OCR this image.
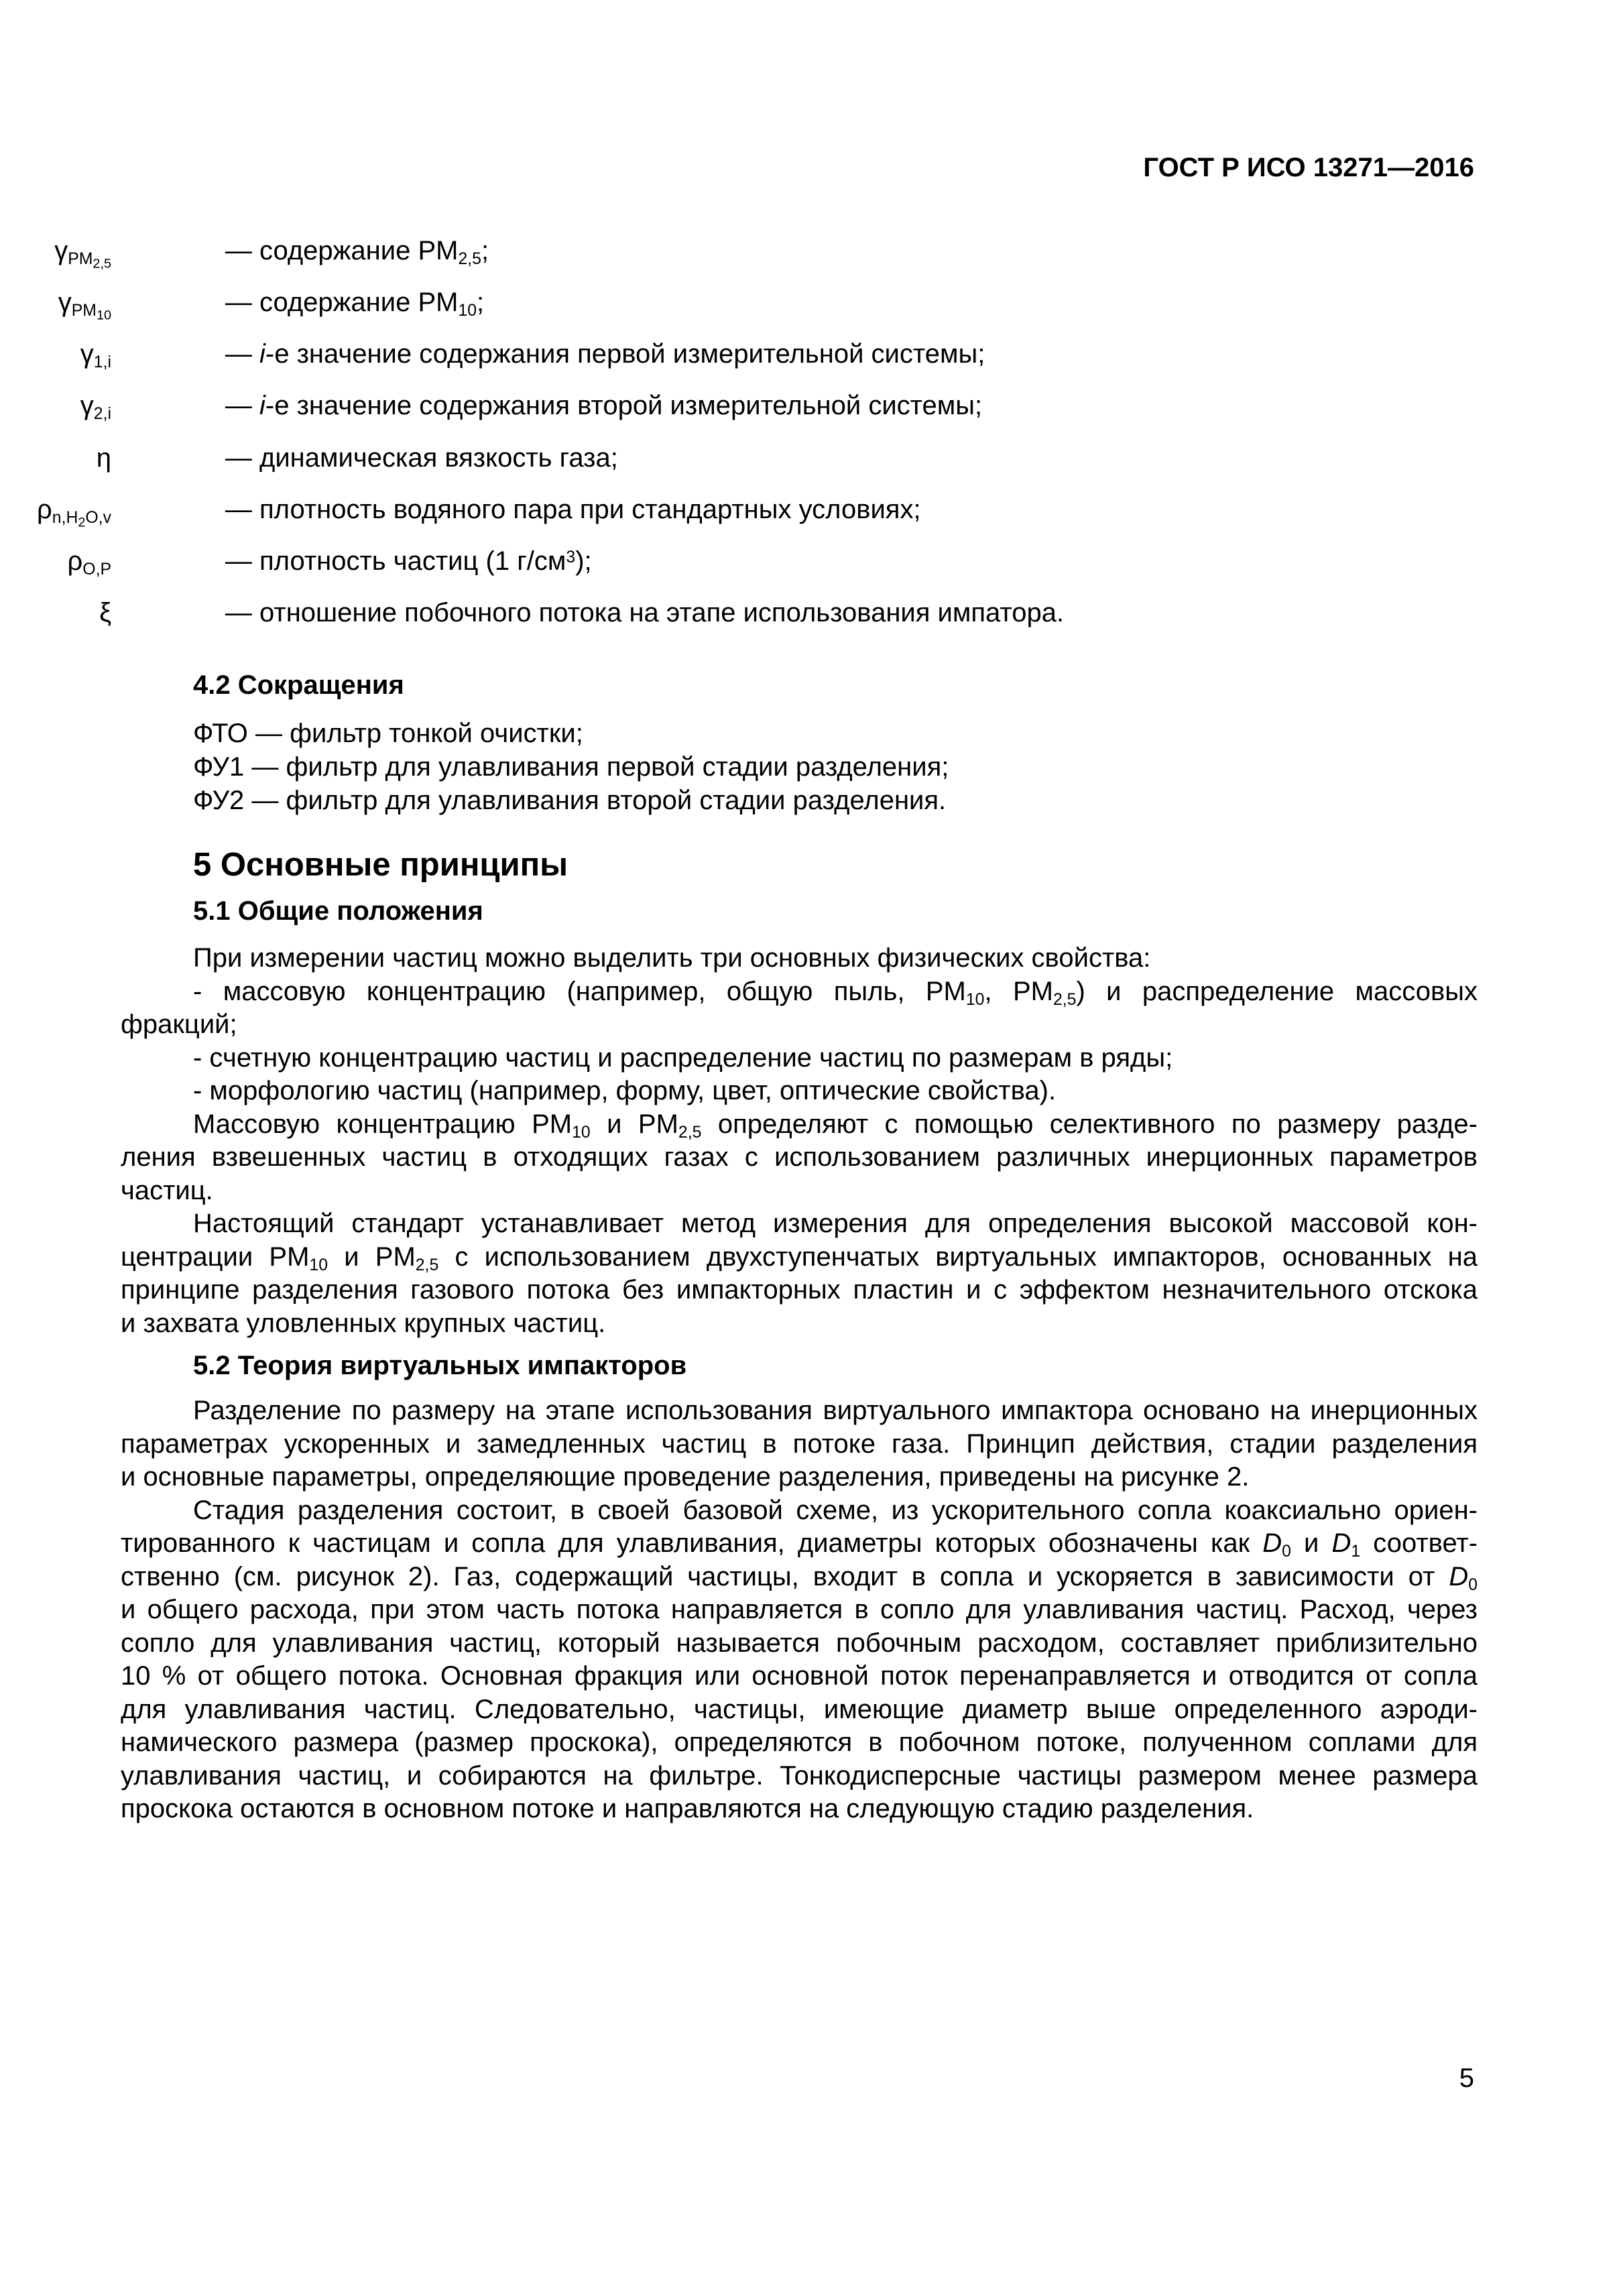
ГОСТ Р ИСО 13271—2016
$\gamma_{PM_{2,5}}$	— содержание $PM_{2,5}$;
$\gamma_{PM_{10}}$	— содержание $PM_{10}$;
$\gamma_{1,i}$	— i-е значение содержания первой измерительной системы;
$\gamma_{2,i}$	— i-е значение содержания второй измерительной системы;
η	— динамическая вязкость газа;
$\rho_{n,H_2O,v}$	— плотность водяного пара при стандартных условиях;
$\rho_{O,P}$	— плотность частиц (1 $г/см^3$);
ξ	— отношение побочного потока на этапе использования импатора.
4.2 Сокращения
ФТО — фильтр тонкой очистки;
ФУ1 — фильтр для улавливания первой стадии разделения;
ФУ2 — фильтр для улавливания второй стадии разделения.
5 Основные принципы
5.1 Общие положения
При измерении частиц можно выделить три основных физических свойства:
- массовую концентрацию (например, общую пыль, $PM_{10}$, $PM_{2,5}$) и распределение массовых
фракций;
- счетную концентрацию частиц и распределение частиц по размерам в ряды;
- морфологию частиц (например, форму, цвет, оптические свойства).
Массовую концентрацию $PM_{10}$ и $PM_{2,5}$ определяют с помощью селективного по размеру разде-
ления взвешенных частиц в отходящих газах с использованием различных инерционных параметров
частиц.
Настоящий стандарт устанавливает метод измерения для определения высокой массовой кон-
центрации $PM_{10}$ и $PM_{2,5}$ с использованием двухступенчатых виртуальных импакторов, основанных на
принципе разделения газового потока без импакторных пластин и с эффектом незначительного отскока
и захвата уловленных крупных частиц.
5.2 Теория виртуальных импакторов
Разделение по размеру на этапе использования виртуального импактора основано на инерционных
параметрах ускоренных и замедленных частиц в потоке газа. Принцип действия, стадии разделения
и основные параметры, определяющие проведение разделения, приведены на рисунке 2.
Стадия разделения состоит, в своей базовой схеме, из ускорительного сопла коаксиально ориен-
тированного к частицам и сопла для улавливания, диаметры которых обозначены как $D_0$ и $D_1$ соответ-
ственно (см. рисунок 2). Газ, содержащий частицы, входит в сопла и ускоряется в зависимости от $D_0$
и общего расхода, при этом часть потока направляется в сопло для улавливания частиц. Расход, через
сопло для улавливания частиц, который называется побочным расходом, составляет приблизительно
10 % от общего потока. Основная фракция или основной поток перенаправляется и отводится от сопла
для улавливания частиц. Следовательно, частицы, имеющие диаметр выше определенного аэроди-
намического размера (размер проскока), определяются в побочном потоке, полученном соплами для
улавливания частиц, и собираются на фильтре. Тонкодисперсные частицы размером менее размера
проскока остаются в основном потоке и направляются на следующую стадию разделения.
5
